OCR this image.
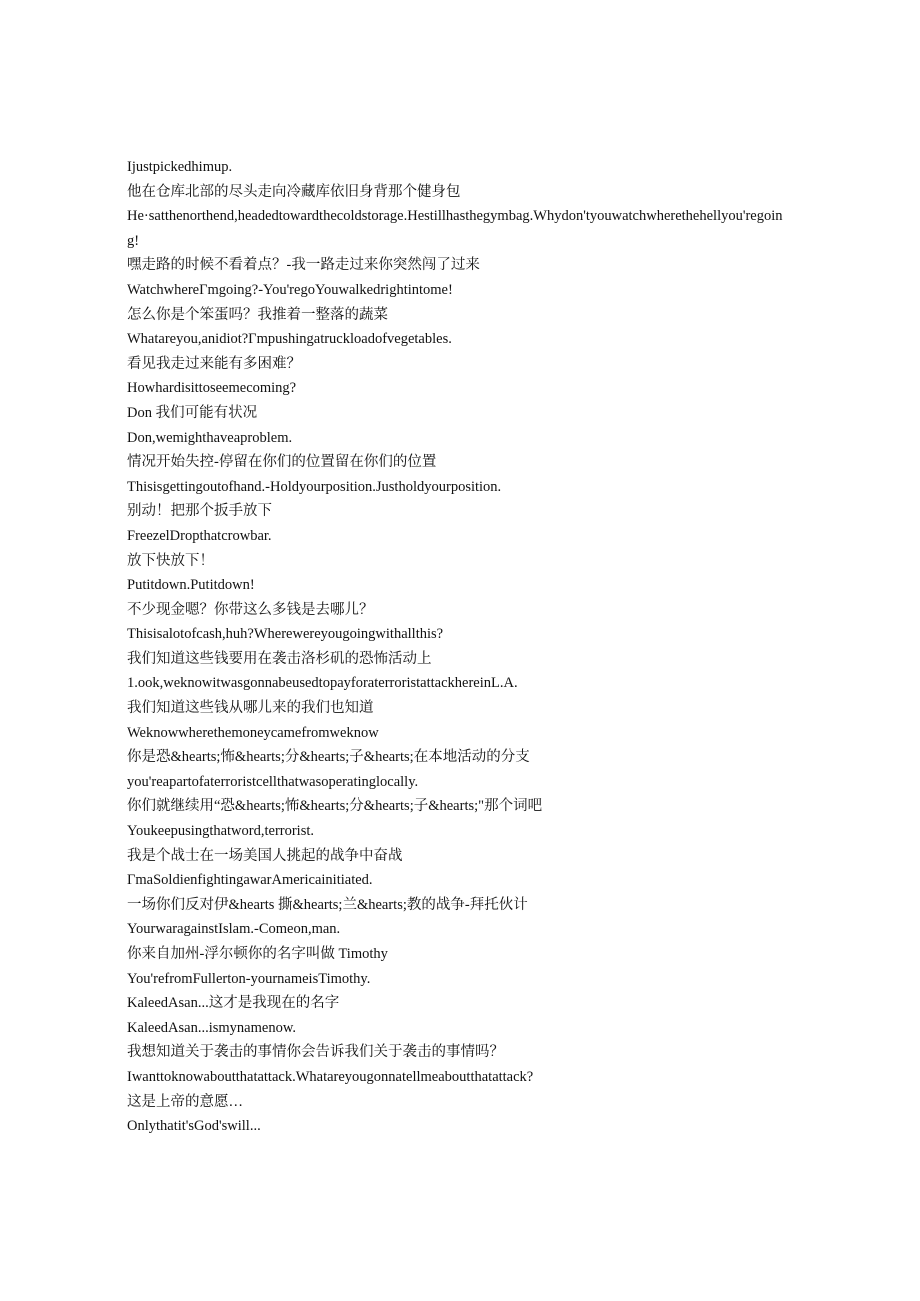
Ijustpickedhimup.

他在仓库北部的尽头走向冷藏库依旧身背那个健身包

He·satthenorthend,headedtowardthecoldstorage.Hestillhasthegymbag.Whydon'tyouwatchwherethehellyou'regoing!

嘿走路的时候不看着点？-我一路走过来你突然闯了过来

WatchwhereΓmgoing?-You'regoYouwalkedrightintome!

怎么你是个笨蛋吗？我推着一整落的蔬菜

Whatareyou,anidiot?Γmpushingatruckloadofvegetables.

看见我走过来能有多困难？

Howhardisittoseemecoming?

Don 我们可能有状况

Don,wemighthaveaproblem.

情况开始失控-停留在你们的位置留在你们的位置

Thisisgettingoutofhand.-Holdyourposition.Justholdyourposition.

别动！把那个扳手放下

FreezelDropthatcrowbar.

放下快放下！

Putitdown.Putitdown!

不少现金嗯？你带这么多钱是去哪儿？

Thisisalotofcash,huh?Wherewereyougoingwithallthis?

我们知道这些钱要用在袭击洛杉矶的恐怖活动上

1.ook,weknowitwasgonnabeusedtopayforaterroristattackhereinL.A.

我们知道这些钱从哪儿来的我们也知道

Weknowwherethemoneycamefromweknow

你是恐&hearts;怖&hearts;分&hearts;子&hearts;在本地活动的分支

you'reapartofaterroristcellthatwasoperatinglocally.

你们就继续用“恐&hearts;怖&hearts;分&hearts;子&hearts;"那个词吧

Youkeepusingthatword,terrorist.

我是个战士在一场美国人挑起的战争中奋战

ΓmaSoldienfightingawarAmericainitiated.

一场你们反对伊&hearts 撕&hearts;兰&hearts;教的战争-拜托伙计

YourwaragainstIslam.-Comeon,man.

你来自加州-浮尔顿你的名字叫做 Timothy

You'refromFullerton-yournameisTimothy.

KaleedAsan...这才是我现在的名字

KaleedAsan...ismynamenow.

我想知道关于袭击的事情你会告诉我们关于袭击的事情吗？

Iwanttoknowaboutthatattack.Whatareyougonnatellmeaboutthatattack?

这是上帝的意愿…

Onlythatit'sGod'swill...
